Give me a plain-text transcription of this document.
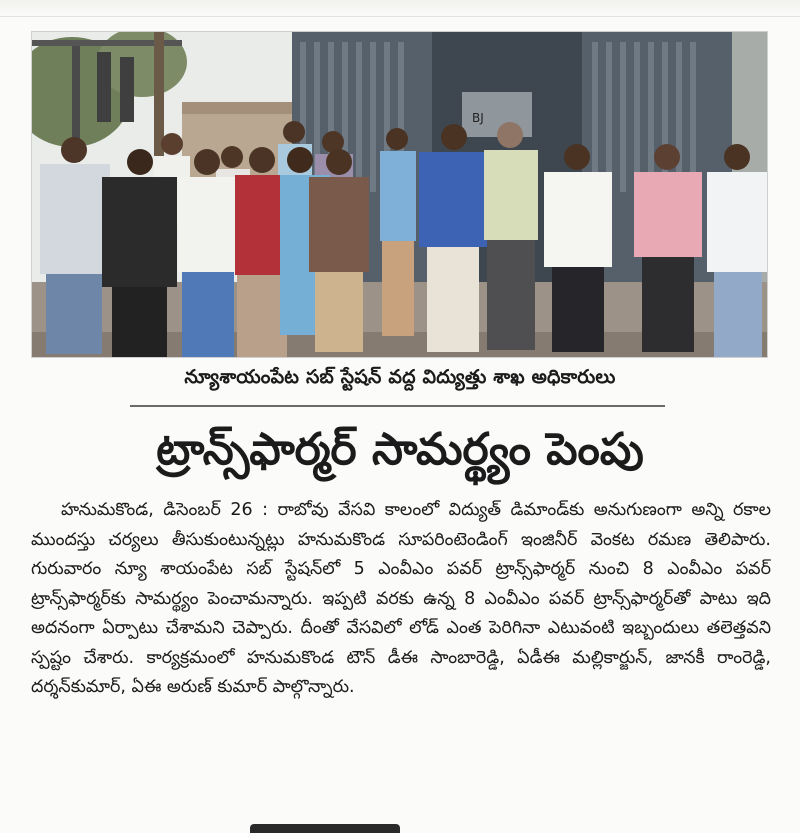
BJ
న్యూశాయంపేట సబ్ స్టేషన్ వద్ద విద్యుత్తు శాఖ అధికారులు
ట్రాన్స్‌ఫార్మర్ సామర్థ్యం పెంపు

హనుమకొండ, డిసెంబర్ 26 : రాబోవు వేసవి కాలంలో విద్యుత్ డిమాండ్‌కు అనుగుణంగా అన్ని రకాల ముందస్తు చర్యలు తీసుకుంటున్నట్లు హనుమకొండ సూపరింటెండింగ్ ఇంజినీర్ వెంకట రమణ తెలిపారు. గురువారం న్యూ శాయంపేట సబ్ స్టేషన్‌లో 5 ఎంవీఎం పవర్ ట్రాన్స్‌ఫార్మర్ నుంచి 8 ఎంవీఎం పవర్ ట్రాన్స్‌ఫార్మర్‌కు సామర్థ్యం పెంచామన్నారు. ఇప్పటి వరకు ఉన్న 8 ఎంవీఎం పవర్ ట్రాన్స్‌ఫార్మర్‌తో పాటు ఇది అదనంగా ఏర్పాటు చేశామని చెప్పారు. దీంతో వేసవిలో లోడ్ ఎంత పెరిగినా ఎటువంటి ఇబ్బందులు తలెత్తవని స్పష్టం చేశారు. కార్యక్రమంలో హనుమకొండ టౌన్ డీఈ సాంబారెడ్డి, ఏడీఈ మల్లికార్జున్, జానకీ రాంరెడ్డి, దర్శన్‌కుమార్, ఏఈ అరుణ్ కుమార్ పాల్గొన్నారు.
